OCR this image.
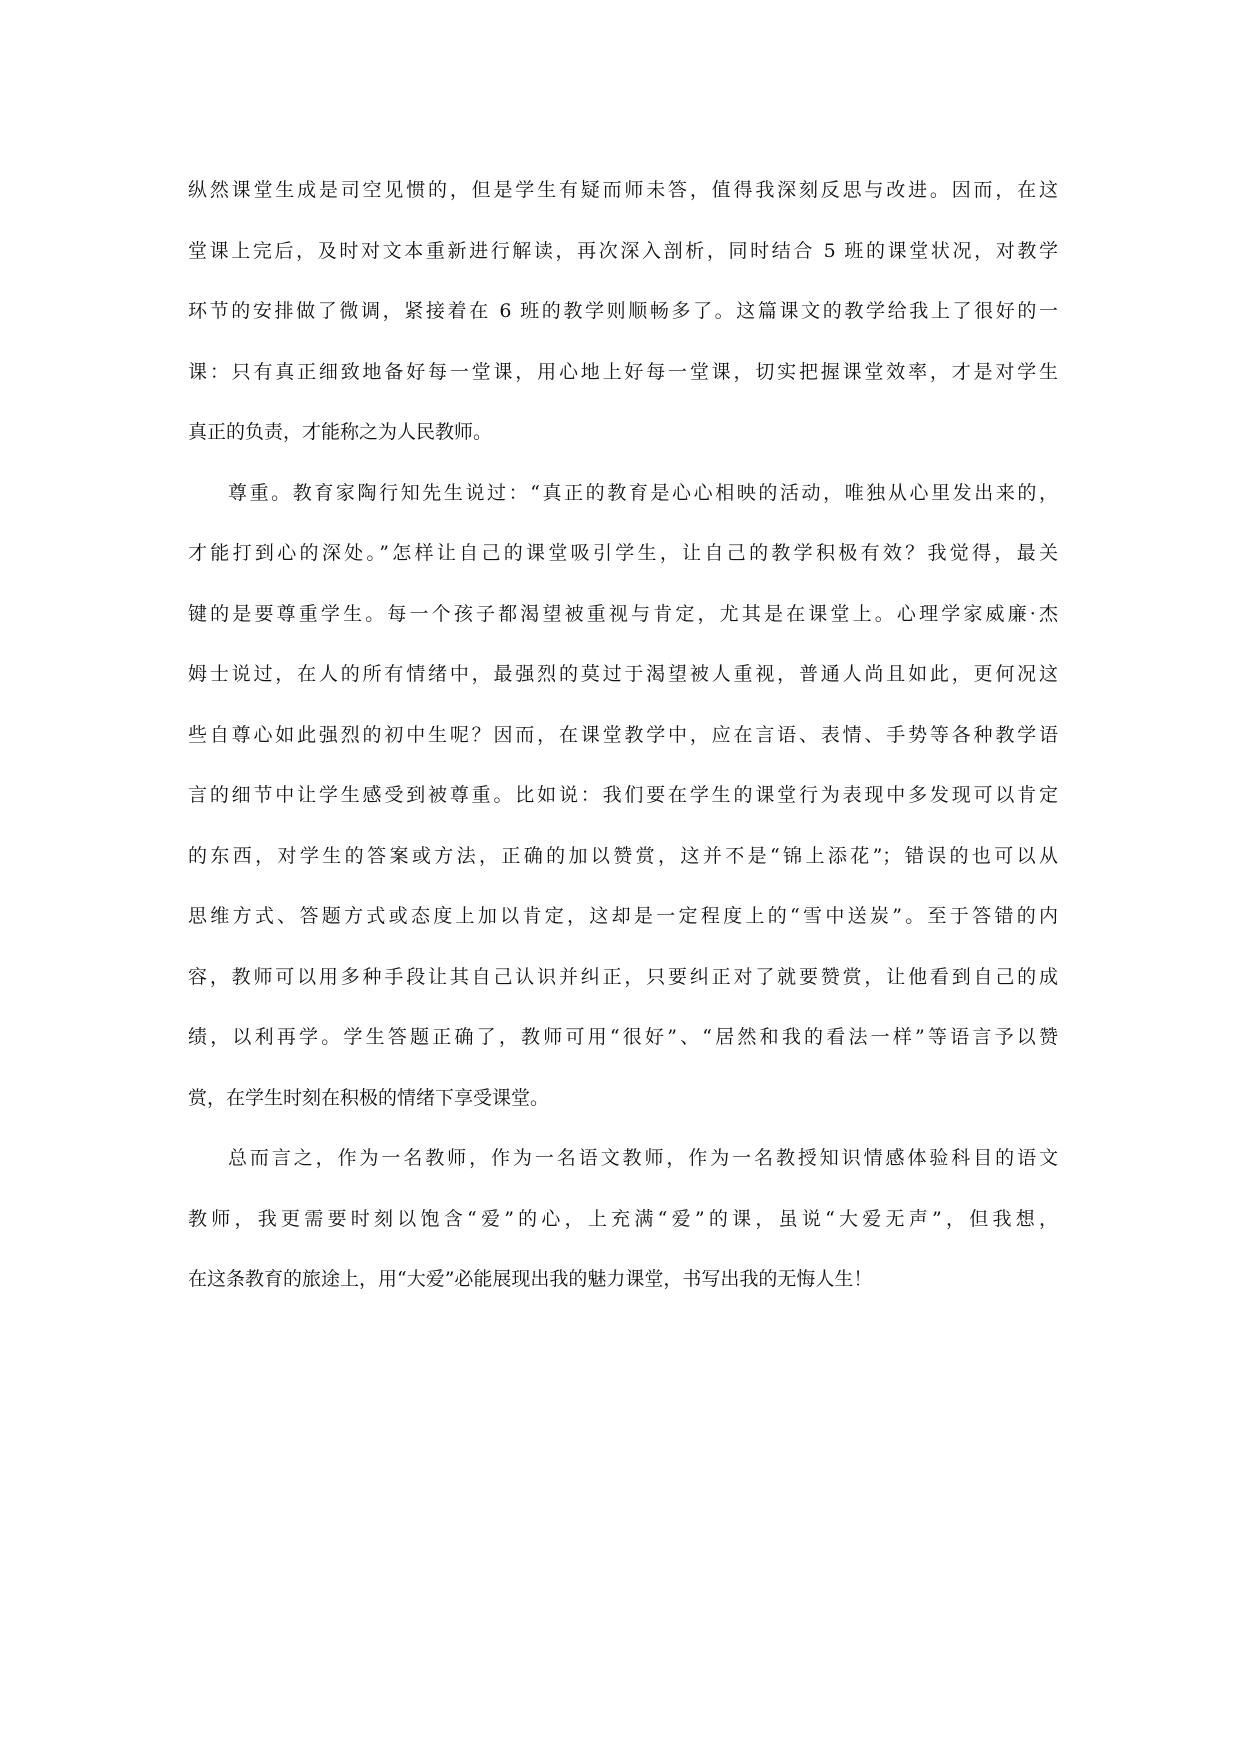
纵然课堂生成是司空见惯的，但是学生有疑而师未答，值得我深刻反思与改进。因而，在这
堂课上完后，及时对文本重新进行解读，再次深入剖析，同时结合 5 班的课堂状况，对教学
环节的安排做了微调，紧接着在 6 班的教学则顺畅多了。这篇课文的教学给我上了很好的一
课：只有真正细致地备好每一堂课，用心地上好每一堂课，切实把握课堂效率，才是对学生
真正的负责，才能称之为人民教师。
尊重。教育家陶行知先生说过：“真正的教育是心心相映的活动，唯独从心里发出来的，
才能打到心的深处。”怎样让自己的课堂吸引学生，让自己的教学积极有效？我觉得，最关
键的是要尊重学生。每一个孩子都渴望被重视与肯定，尤其是在课堂上。心理学家威廉·杰
姆士说过，在人的所有情绪中，最强烈的莫过于渴望被人重视，普通人尚且如此，更何况这
些自尊心如此强烈的初中生呢？因而，在课堂教学中，应在言语、表情、手势等各种教学语
言的细节中让学生感受到被尊重。比如说：我们要在学生的课堂行为表现中多发现可以肯定
的东西，对学生的答案或方法，正确的加以赞赏，这并不是“锦上添花”；错误的也可以从
思维方式、答题方式或态度上加以肯定，这却是一定程度上的“雪中送炭”。至于答错的内
容，教师可以用多种手段让其自己认识并纠正，只要纠正对了就要赞赏，让他看到自己的成
绩，以利再学。学生答题正确了，教师可用“很好”、“居然和我的看法一样”等语言予以赞
赏，在学生时刻在积极的情绪下享受课堂。
总而言之，作为一名教师，作为一名语文教师，作为一名教授知识情感体验科目的语文
教师，我更需要时刻以饱含“爱”的心，上充满“爱”的课，虽说“大爱无声”，但我想，
在这条教育的旅途上，用“大爱”必能展现出我的魅力课堂，书写出我的无悔人生！
